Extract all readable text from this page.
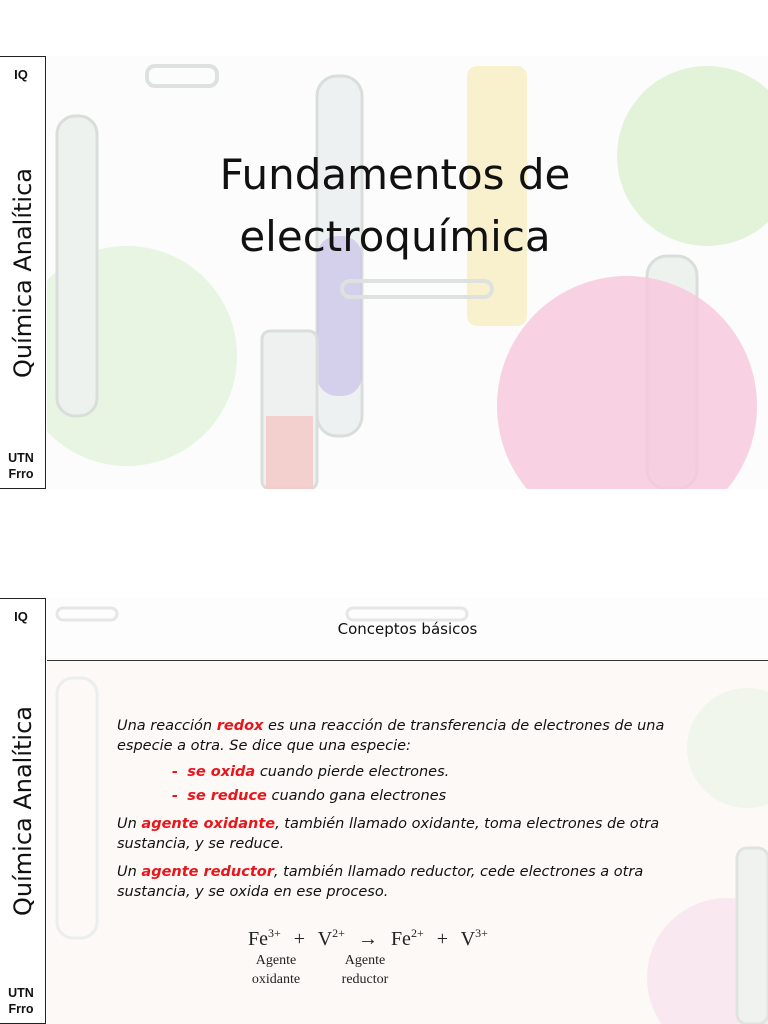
IQ
Química Analítica
UTN
Frro
Fundamentos de
electroquímica
IQ
Química Analítica
UTN
Frro
Conceptos básicos

Una reacción redox es una reacción de transferencia de electrones de una especie a otra. Se dice que una especie:

- se oxida cuando pierde electrones.

- se reduce cuando gana electrones

Un agente oxidante, también llamado oxidante, toma electrones de otra sustancia, y se reduce.

Un agente reductor, también llamado reductor, cede electrones a otra sustancia, y se oxida en ese proceso.

$Fe^{3+} + V^{2+} \to Fe^{2+} + V^{3+}$
Agente
oxidante
Agente
reductor
